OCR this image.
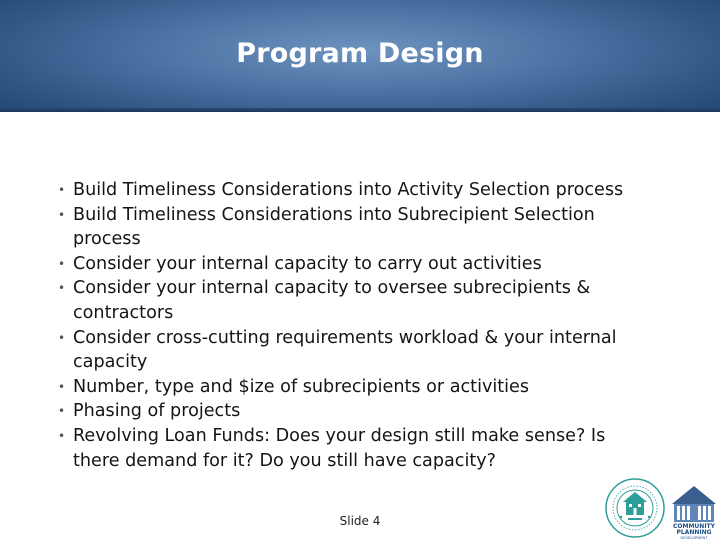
Program Design
• Build Timeliness Considerations into Activity Selection process
• Build Timeliness Considerations into Subrecipient Selection process
• Consider your internal capacity to carry out activities
• Consider your internal capacity to oversee subrecipients & contractors
• Consider cross-cutting requirements workload & your internal capacity
• Number, type and $ize of subrecipients or activities
• Phasing of projects
• Revolving Loan Funds: Does your design still make sense? Is there demand for it? Do you still have capacity?
Slide 4	COMMUNITY
PLANNING
DEVELOPMENT
